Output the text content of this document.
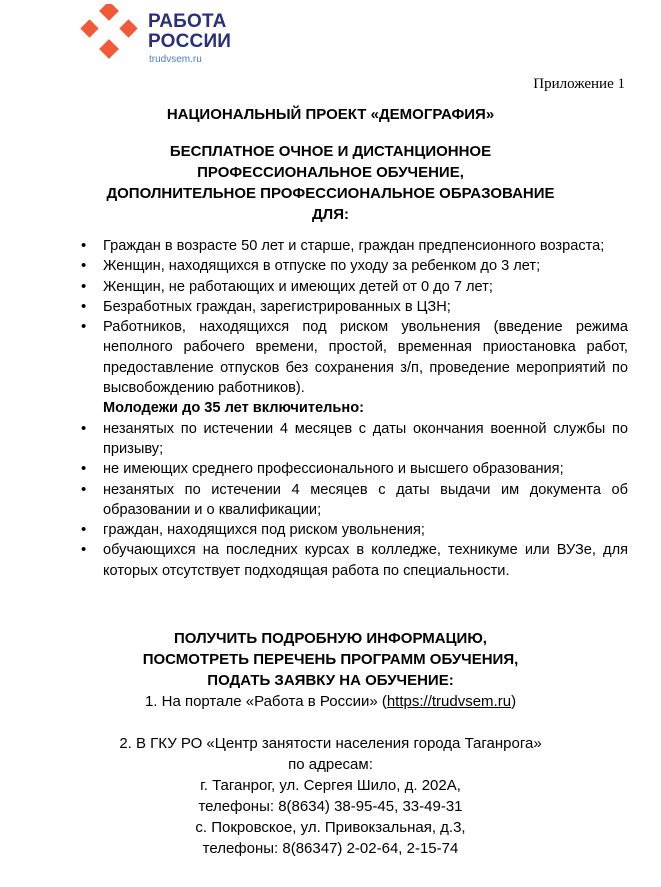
РАБОТА
РОССИИ
trudvsem.ru
Приложение 1
НАЦИОНАЛЬНЫЙ ПРОЕКТ «ДЕМОГРАФИЯ»
БЕСПЛАТНОЕ ОЧНОЕ И ДИСТАНЦИОННОЕ
ПРОФЕССИОНАЛЬНОЕ ОБУЧЕНИЕ,
ДОПОЛНИТЕЛЬНОЕ ПРОФЕССИОНАЛЬНОЕ ОБРАЗОВАНИЕ
ДЛЯ:
• Граждан в возрасте 50 лет и старше, граждан предпенсионного возраста;
• Женщин, находящихся в отпуске по уходу за ребенком до 3 лет;
• Женщин, не работающих и имеющих детей от 0 до 7 лет;
• Безработных граждан, зарегистрированных в ЦЗН;
• Работников, находящихся под риском увольнения (введение режима неполного рабочего времени, простой, временная приостановка работ, предоставление отпусков без сохранения з/п, проведение мероприятий по высвобождению работников).
Молодежи до 35 лет включительно:
• незанятых по истечении 4 месяцев с даты окончания военной службы по призыву;
• не имеющих среднего профессионального и высшего образования;
• незанятых по истечении 4 месяцев с даты выдачи им документа об образовании и о квалификации;
• граждан, находящихся под риском увольнения;
• обучающихся на последних курсах в колледже, техникуме или ВУЗе, для которых отсутствует подходящая работа по специальности.
ПОЛУЧИТЬ ПОДРОБНУЮ ИНФОРМАЦИЮ,
ПОСМОТРЕТЬ ПЕРЕЧЕНЬ ПРОГРАММ ОБУЧЕНИЯ,
ПОДАТЬ ЗАЯВКУ НА ОБУЧЕНИЕ:
1. На портале «Работа в России» (https://trudvsem.ru)
2. В ГКУ РО «Центр занятости населения города Таганрога»
по адресам:
г. Таганрог, ул. Сергея Шило, д. 202А,
телефоны: 8(8634) 38-95-45, 33-49-31
с. Покровское, ул. Привокзальная, д.3,
телефоны: 8(86347) 2-02-64, 2-15-74
